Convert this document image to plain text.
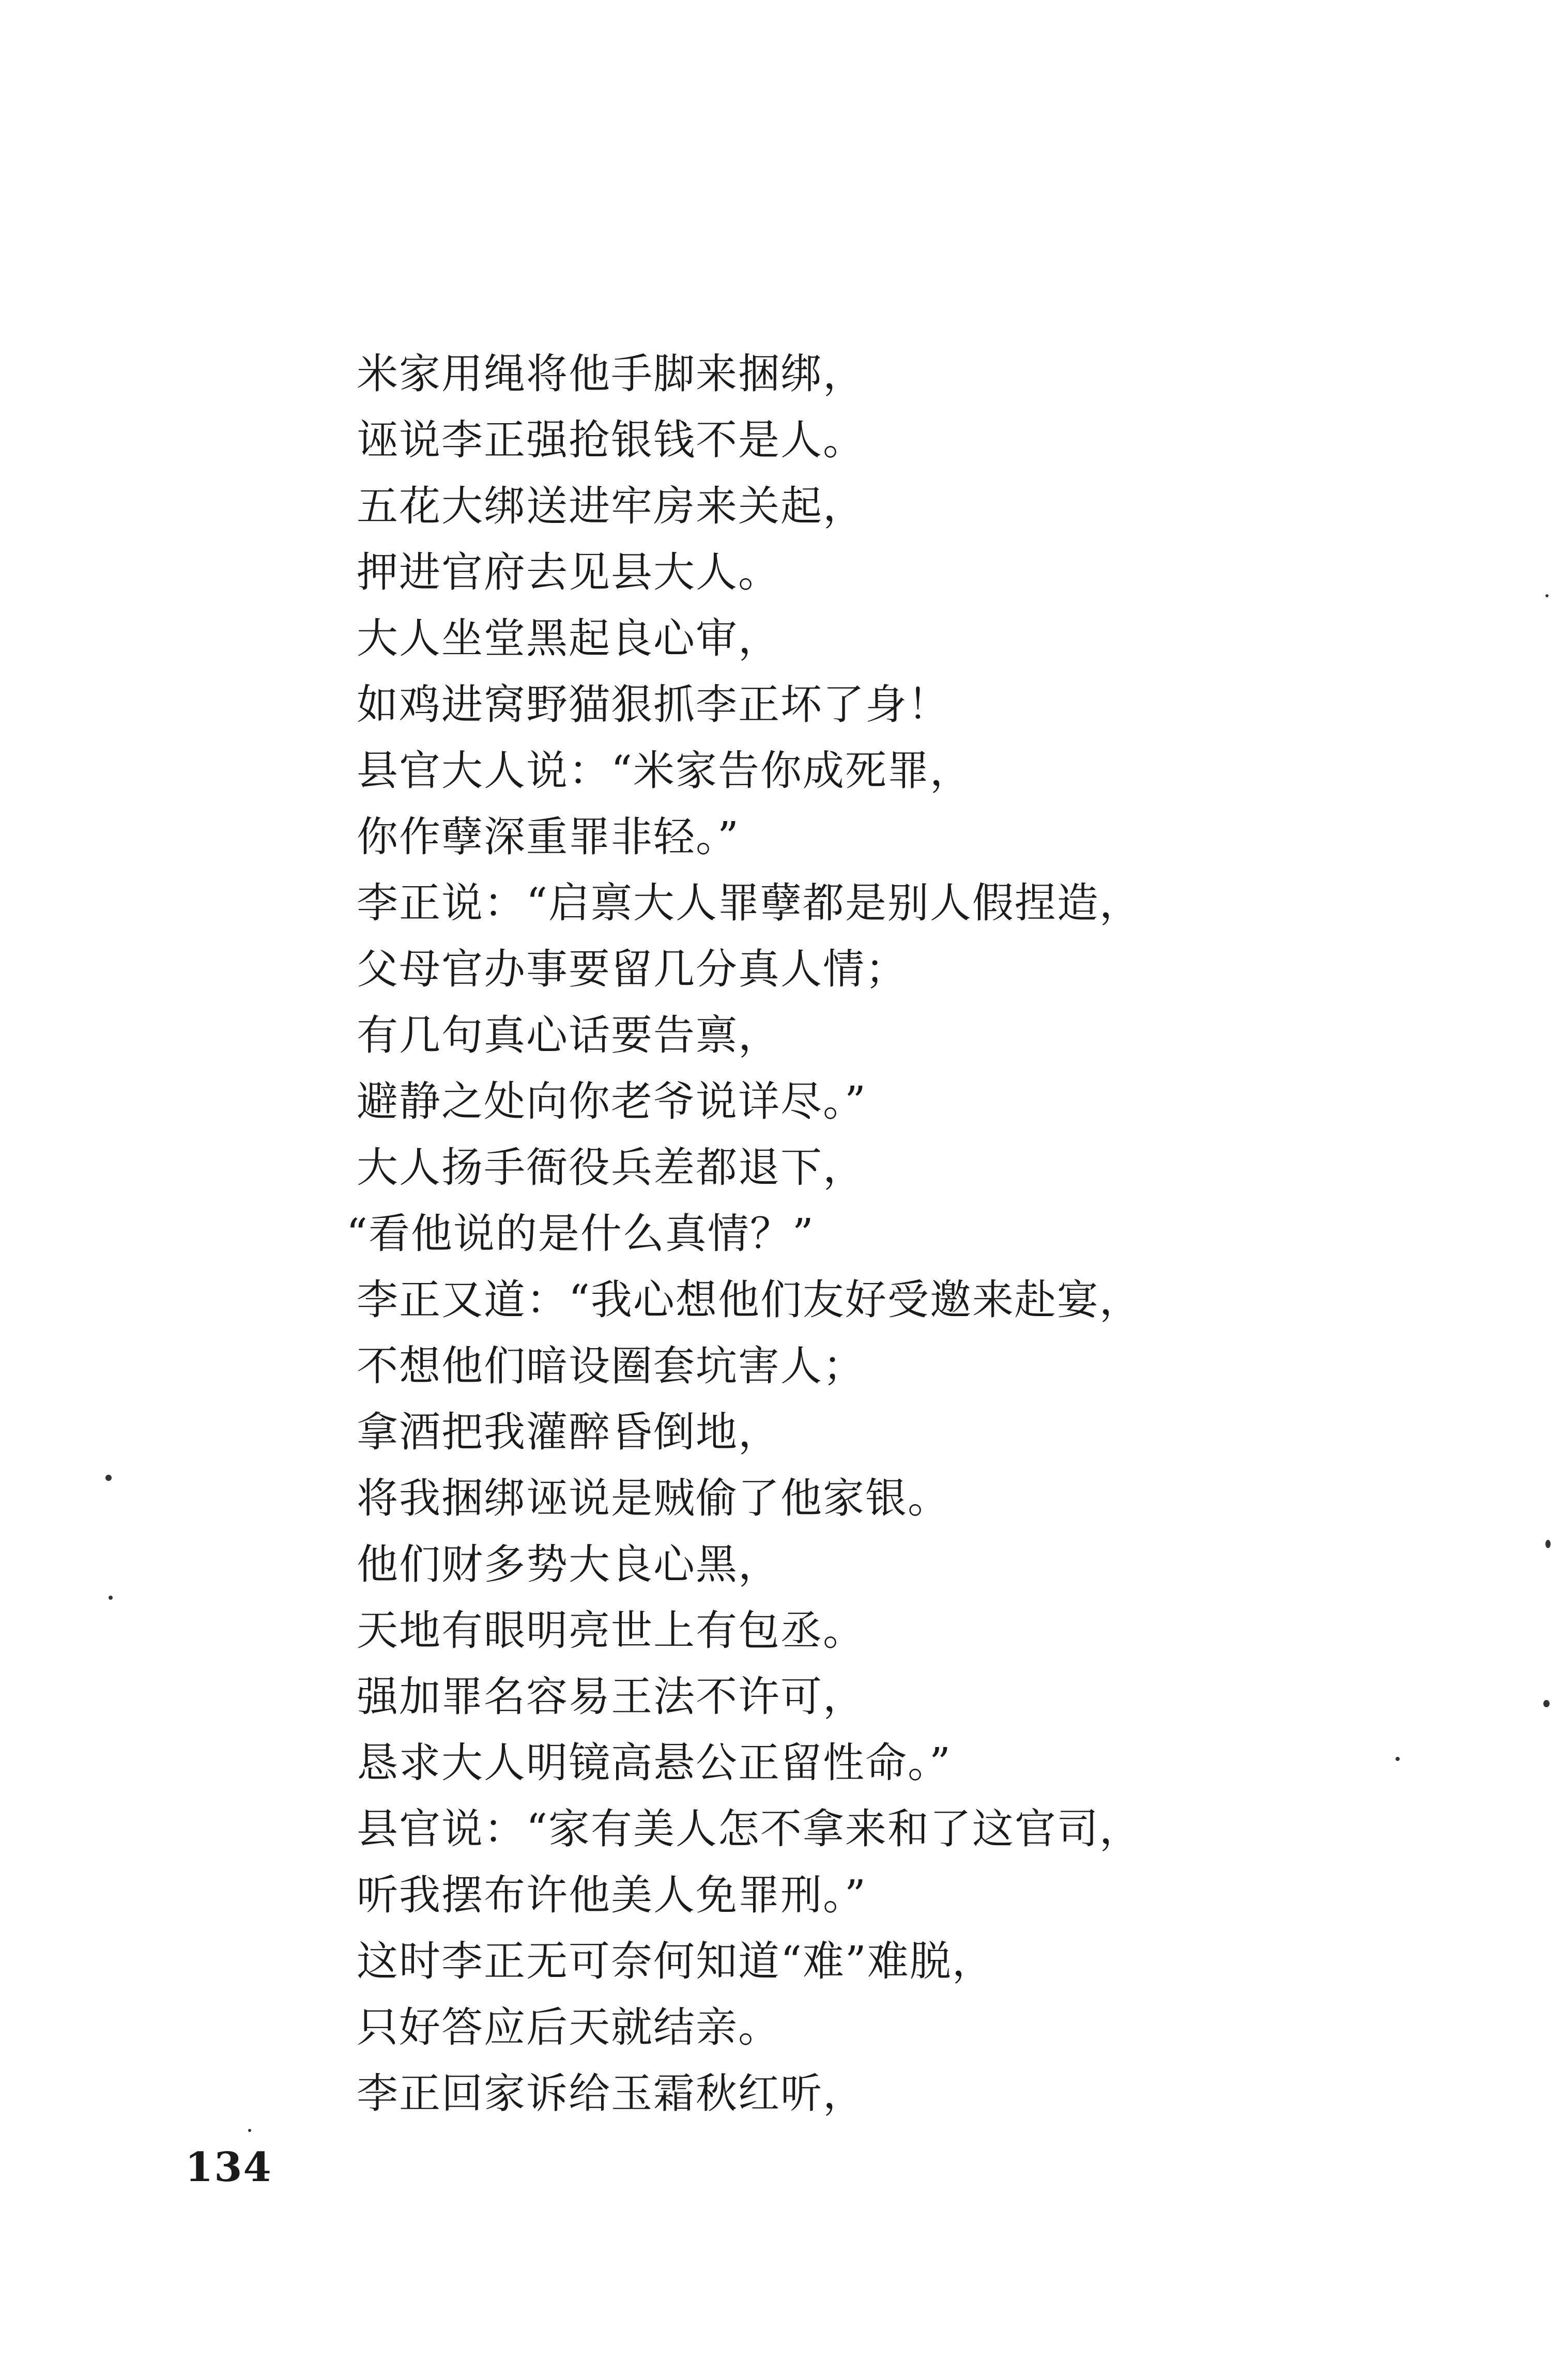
米家用绳将他手脚来捆绑，
诬说李正强抢银钱不是人。
五花大绑送进牢房来关起，
押进官府去见县大人。
大人坐堂黑起良心审，
如鸡进窝野猫狠抓李正坏了身！
县官大人说：“米家告你成死罪，
你作孽深重罪非轻。”
李正说：“启禀大人罪孽都是别人假捏造，
父母官办事要留几分真人情；
有几句真心话要告禀，
避静之处向你老爷说详尽。”
大人扬手衙役兵差都退下，
“看他说的是什么真情？”
李正又道：“我心想他们友好受邀来赴宴，
不想他们暗设圈套坑害人；
拿酒把我灌醉昏倒地，
将我捆绑诬说是贼偷了他家银。
他们财多势大良心黑，
天地有眼明亮世上有包丞。
强加罪名容易王法不许可，
恳求大人明镜高悬公正留性命。”
县官说：“家有美人怎不拿来和了这官司，
听我摆布许他美人免罪刑。”
这时李正无可奈何知道“难”难脱，
只好答应后天就结亲。
李正回家诉给玉霜秋红听，
134
